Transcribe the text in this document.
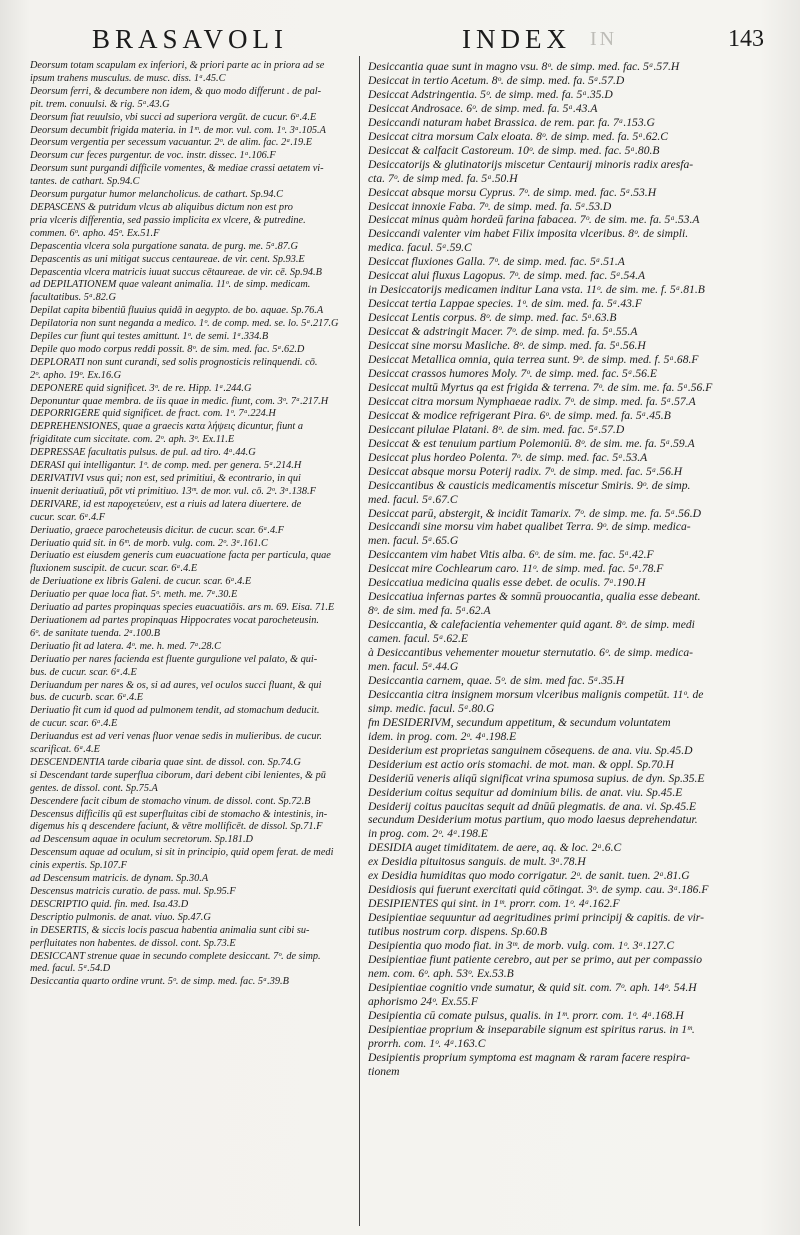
BRASAVOLI	INDEX IN	143
Deorsum totam scapulam ex inferiori, & priori parte ac in priora ad se
ipsum trahens musculus. de musc. diss. 1ᵃ.45.C
Deorsum ferri, & decumbere non idem, & quo modo differunt . de pal-
pit. trem. conuulsi. & rig. 5ᵃ.43.G
Deorsum fiat reuulsio, vbi succi ad superiora vergūt. de cucur. 6ᵃ.4.E
Deorsum decumbit frigida materia. in 1ᵐ. de mor. vul. com. 1ᵒ. 3ᵃ.105.A
Deorsum vergentia per secessum vacuantur. 2ᵒ. de alim. fac. 2ᵃ.19.E
Deorsum cur feces purgentur. de voc. instr. dissec. 1ᵃ.106.F
Deorsum sunt purgandi difficile vomentes, & mediae crassi aetatem vi-
tantes. de cathart. Sp.94.C
Deorsum purgatur humor melancholicus. de cathart. Sp.94.C
DEPASCENS & putridum vlcus ab aliquibus dictum non est pro
pria vlceris differentia, sed passio implicita ex vlcere, & putredine.
commen. 6ᵒ. apho. 45ᵒ. Ex.51.F
Depascentia vlcera sola purgatione sanata. de purg. me. 5ᵃ.87.G
Depascentis as uni mitigat succus centaureae. de vir. cent. Sp.93.E
Depascentia vlcera matricis iuuat succus cētaureae. de vir. cē. Sp.94.B
ad DEPILATIONEM quae valeant animalia. 11ᵒ. de simp. medicam.
facultatibus. 5ᵃ.82.G
Depilat capita bibentiū fluuius quidā in aegypto. de bo. aquae. Sp.76.A
Depilatoria non sunt neganda a medico. 1ᵒ. de comp. med. se. lo. 5ᵃ.217.G
Depiles cur fiunt qui testes amittunt. 1ᵒ. de semi. 1ᵃ.334.B
Depile quo modo corpus reddi possit. 8ᵒ. de sim. med. fac. 5ᵃ.62.D
DEPLORATI non sunt curandi, sed solis prognosticis relinquendi. cō.
2ᵒ. apho. 19ᵒ. Ex.16.G
DEPONERE quid significet. 3ᵒ. de re. Hipp. 1ᵃ.244.G
Deponuntur quae membra. de iis quae in medic. fiunt, com. 3ᵒ. 7ᵃ.217.H
DEPORRIGERE quid significet. de fract. com. 1ᵒ. 7ᵃ.224.H
DEPREHENSIONES, quae a graecis κατα λήψεις dicuntur, fiunt a
frigiditate cum siccitate. com. 2ᵒ. aph. 3ᵒ. Ex.11.E
DEPRESSAE facultatis pulsus. de pul. ad tiro. 4ᵃ.44.G
DERASI qui intelligantur. 1ᵒ. de comp. med. per genera. 5ᵃ.214.H
DERIVATIVI vsus qui; non est, sed primitiui, & econtrario, in qui
inuenit deriuatiuū, pōt vti primitiuo. 13ᵐ. de mor. vul. cō. 2ᵒ. 3ᵃ.138.F
DERIVARE, id est παροχετεύειν, est a riuis ad latera diuertere. de
cucur. scar. 6ᵃ.4.F
Deriuatio, graece parocheteusis dicitur. de cucur. scar. 6ᵃ.4.F
Deriuatio quid sit. in 6ᵐ. de morb. vulg. com. 2ᵒ. 3ᵃ.161.C
Deriuatio est eiusdem generis cum euacuatione facta per particula, quae
fluxionem suscipit. de cucur. scar. 6ᵃ.4.E
de Deriuatione ex libris Galeni. de cucur. scar. 6ᵃ.4.E
Deriuatio per quae loca fiat. 5ᵒ. meth. me. 7ᵃ.30.E
Deriuatio ad partes propinquas species euacuatiōis. ars m. 69. Eisa. 71.E
Deriuationem ad partes propinquas Hippocrates vocat parocheteusin.
6ᵒ. de sanitate tuenda. 2ᵃ.100.B
Deriuatio fit ad latera. 4ᵒ. me. h. med. 7ᵃ.28.C
Deriuatio per nares facienda est fluente gurgulione vel palato, & qui-
bus. de cucur. scar. 6ᵃ.4.E
Deriuandum per nares & os, si ad aures, vel oculos succi fluant, & qui
bus. de cucurb. scar. 6ᵃ.4.E
Deriuatio fit cum id quod ad pulmonem tendit, ad stomachum deducit.
de cucur. scar. 6ᵃ.4.E
Deriuandus est ad veri venas fluor venae sedis in mulieribus. de cucur.
scarificat. 6ᵃ.4.E
DESCENDENTIA tarde cibaria quae sint. de dissol. con. Sp.74.G
si Descendant tarde superflua ciborum, dari debent cibi lenientes, & pū
gentes. de dissol. cont. Sp.75.A
Descendere facit cibum de stomacho vinum. de dissol. cont. Sp.72.B
Descensus difficilis qū est superfluitas cibi de stomacho & intestinis, in-
digemus his q descendere faciunt, & vētre mollificēt. de dissol. Sp.71.F
ad Descensum aquae in oculum secretorum. Sp.181.D
Descensum aquae ad oculum, si sit in principio, quid opem ferat. de medi
cinis expertis. Sp.107.F
ad Descensum matricis. de dynam. Sp.30.A
Descensus matricis curatio. de pass. mul. Sp.95.F
DESCRIPTIO quid. fin. med. Isa.43.D
Descriptio pulmonis. de anat. viuo. Sp.47.G
in DESERTIS, & siccis locis pascua habentia animalia sunt cibi su-
perfluitates non habentes. de dissol. cont. Sp.73.E
DESICCANT strenue quae in secundo complete desiccant. 7ᵒ. de simp.
med. facul. 5ᵃ.54.D
Desiccantia quarto ordine vrunt. 5ᵒ. de simp. med. fac. 5ᵃ.39.B
Desiccantia quae sunt in magno vsu. 8ᵒ. de simp. med. fac. 5ᵃ.57.H
Desiccat in tertio Acetum. 8ᵒ. de simp. med. fa. 5ᵃ.57.D
Desiccat Adstringentia. 5ᵒ. de simp. med. fa. 5ᵃ.35.D
Desiccat Androsace. 6ᵒ. de simp. med. fa. 5ᵃ.43.A
Desiccandi naturam habet Brassica. de rem. par. fa. 7ᵃ.153.G
Desiccat citra morsum Calx eloata. 8ᵒ. de simp. med. fa. 5ᵃ.62.C
Desiccat & calfacit Castoreum. 10ᵒ. de simp. med. fac. 5ᵃ.80.B
Desiccatorijs & glutinatorijs miscetur Centaurij minoris radix aresfa-
cta. 7ᵒ. de simp med. fa. 5ᵃ.50.H
Desiccat absque morsu Cyprus. 7ᵒ. de simp. med. fac. 5ᵃ.53.H
Desiccat innoxie Faba. 7ᵒ. de simp. med. fa. 5ᵃ.53.D
Desiccat minus quàm hordeū farina fabacea. 7ᵒ. de sim. me. fa. 5ᵃ.53.A
Desiccandi valenter vim habet Filix imposita vlceribus. 8ᵒ. de simpli.
medica. facul. 5ᵃ.59.C
Desiccat fluxiones Galla. 7ᵒ. de simp. med. fac. 5ᵃ.51.A
Desiccat alui fluxus Lagopus. 7ᵒ. de simp. med. fac. 5ᵃ.54.A
in Desiccatorijs medicamen inditur Lana vsta. 11ᵒ. de sim. me. f. 5ᵃ.81.B
Desiccat tertia Lappae species. 1ᵒ. de sim. med. fa. 5ᵃ.43.F
Desiccat Lentis corpus. 8ᵒ. de simp. med. fac. 5ᵃ.63.B
Desiccat & adstringit Macer. 7ᵒ. de simp. med. fa. 5ᵃ.55.A
Desiccat sine morsu Masliche. 8ᵒ. de simp. med. fa. 5ᵃ.56.H
Desiccat Metallica omnia, quia terrea sunt. 9ᵒ. de simp. med. f. 5ᵃ.68.F
Desiccat crassos humores Moly. 7ᵒ. de simp. med. fac. 5ᵃ.56.E
Desiccat multū Myrtus qa est frigida & terrena. 7ᵒ. de sim. me. fa. 5ᵃ.56.F
Desiccat citra morsum Nymphaeae radix. 7ᵒ. de simp. med. fa. 5ᵃ.57.A
Desiccat & modice refrigerant Pira. 6ᵒ. de simp. med. fa. 5ᵃ.45.B
Desiccant pilulae Platani. 8ᵒ. de sim. med. fac. 5ᵃ.57.D
Desiccat & est tenuium partium Polemoniū. 8ᵒ. de sim. me. fa. 5ᵃ.59.A
Desiccat plus hordeo Polenta. 7ᵒ. de simp. med. fac. 5ᵃ.53.A
Desiccat absque morsu Poterij radix. 7ᵒ. de simp. med. fac. 5ᵃ.56.H
Desiccantibus & causticis medicamentis miscetur Smiris. 9ᵒ. de simp.
med. facul. 5ᵃ.67.C
Desiccat parū, abstergit, & incidit Tamarix. 7ᵒ. de simp. me. fa. 5ᵃ.56.D
Desiccandi sine morsu vim habet qualibet Terra. 9ᵒ. de simp. medica-
men. facul. 5ᵃ.65.G
Desiccantem vim habet Vitis alba. 6ᵒ. de sim. me. fac. 5ᵃ.42.F
Desiccat mire Cochlearum caro. 11ᵒ. de simp. med. fac. 5ᵃ.78.F
Desiccatiua medicina qualis esse debet. de oculis. 7ᵃ.190.H
Desiccatiua infernas partes & somnū prouocantia, qualia esse debeant.
8ᵒ. de sim. med fa. 5ᵃ.62.A
Desiccantia, & calefacientia vehementer quid agant. 8ᵒ. de simp. medi
camen. facul. 5ᵃ.62.E
à Desiccantibus vehementer mouetur sternutatio. 6ᵒ. de simp. medica-
men. facul. 5ᵃ.44.G
Desiccantia carnem, quae. 5ᵒ. de sim. med fac. 5ᵃ.35.H
Desiccantia citra insignem morsum vlceribus malignis competūt. 11ᵒ. de
simp. medic. facul. 5ᵃ.80.G
fm DESIDERIVM, secundum appetitum, & secundum voluntatem
idem. in prog. com. 2ᵒ. 4ᵃ.198.E
Desiderium est proprietas sanguinem cōsequens. de ana. viu. Sp.45.D
Desiderium est actio oris stomachi. de mot. man. & oppl. Sp.70.H
Desideriū veneris aliqū significat vrina spumosa supius. de dyn. Sp.35.E
Desiderium coitus sequitur ad dominium bilis. de anat. viu. Sp.45.E
Desiderij coitus paucitas sequit ad dnūū plegmatis. de ana. vi. Sp.45.E
secundum Desiderium motus partium, quo modo laesus deprehendatur.
in prog. com. 2ᵒ. 4ᵃ.198.E
DESIDIA auget timiditatem. de aere, aq. & loc. 2ᵃ.6.C
ex Desidia pituitosus sanguis. de mult. 3ᵃ.78.H
ex Desidia humiditas quo modo corrigatur. 2ᵒ. de sanit. tuen. 2ᵃ.81.G
Desidiosis qui fuerunt exercitati quid cōtingat. 3ᵒ. de symp. cau. 3ᵃ.186.F
DESIPIENTES qui sint. in 1ᵐ. prorr. com. 1ᵒ. 4ᵃ.162.F
Desipientiae sequuntur ad aegritudines primi principij & capitis. de vir-
tutibus nostrum corp. dispens. Sp.60.B
Desipientia quo modo fiat. in 3ᵐ. de morb. vulg. com. 1ᵒ. 3ᵃ.127.C
Desipientiae fiunt patiente cerebro, aut per se primo, aut per compassio
nem. com. 6ᵒ. aph. 53ᵒ. Ex.53.B
Desipientiae cognitio vnde sumatur, & quid sit. com. 7ᵒ. aph. 14ᵒ. 54.H
aphorismo 24ᵒ. Ex.55.F
Desipientia cū comate pulsus, qualis. in 1ᵐ. prorr. com. 1ᵒ. 4ᵃ.168.H
Desipientiae proprium & inseparabile signum est spiritus rarus. in 1ᵐ.
prorrh. com. 1ᵒ. 4ᵃ.163.C
Desipientis proprium symptoma est magnam & raram facere respira-
tionem
